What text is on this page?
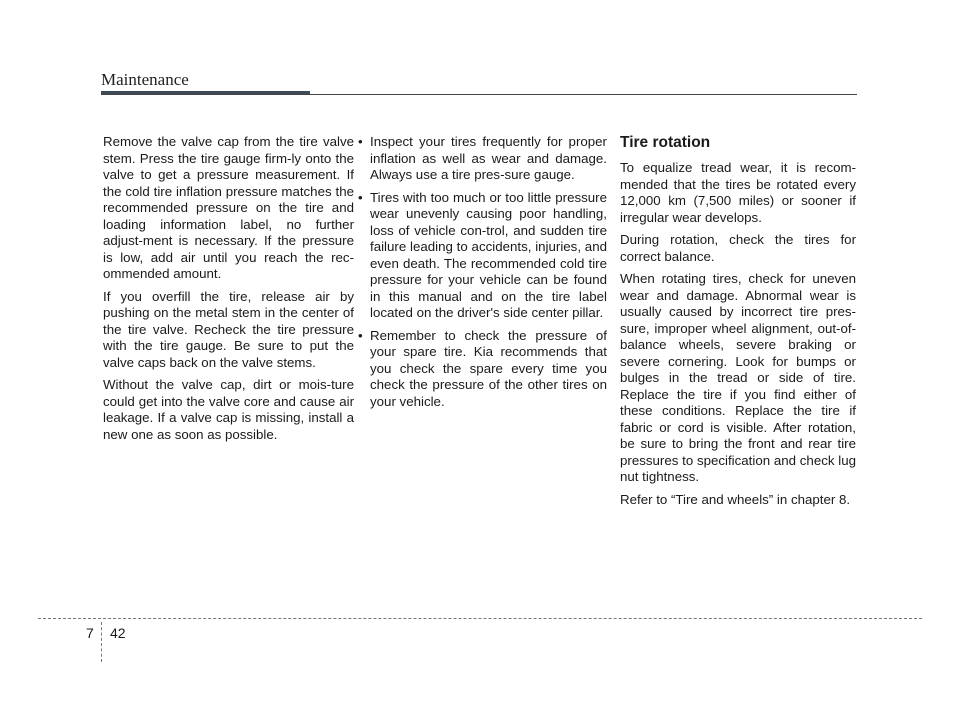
Maintenance

Remove the valve cap from the tire valve stem. Press the tire gauge firm-ly onto the valve to get a pressure measurement. If the cold tire inflation pressure matches the recommended pressure on the tire and loading information label, no further adjust-ment is necessary. If the pressure is low, add air until you reach the rec-ommended amount.

If you overfill the tire, release air by pushing on the metal stem in the center of the tire valve. Recheck the tire pressure with the tire gauge. Be sure to put the valve caps back on the valve stems.

Without the valve cap, dirt or mois-ture could get into the valve core and cause air leakage. If a valve cap is missing, install a new one as soon as possible.

• Inspect your tires frequently for proper inflation as well as wear and damage. Always use a tire pres-sure gauge.
• Tires with too much or too little pressure wear unevenly causing poor handling, loss of vehicle con-trol, and sudden tire failure leading to accidents, injuries, and even death. The recommended cold tire pressure for your vehicle can be found in this manual and on the tire label located on the driver's side center pillar.
• Remember to check the pressure of your spare tire. Kia recommends that you check the spare every time you check the pressure of the other tires on your vehicle.
Tire rotation

To equalize tread wear, it is recom-mended that the tires be rotated every 12,000 km (7,500 miles) or sooner if irregular wear develops.

During rotation, check the tires for correct balance.

When rotating tires, check for uneven wear and damage. Abnormal wear is usually caused by incorrect tire pres-sure, improper wheel alignment, out-of-balance wheels, severe braking or severe cornering. Look for bumps or bulges in the tread or side of tire. Replace the tire if you find either of these conditions. Replace the tire if fabric or cord is visible. After rotation, be sure to bring the front and rear tire pressures to specification and check lug nut tightness.

Refer to “Tire and wheels” in chapter 8.

7 42
